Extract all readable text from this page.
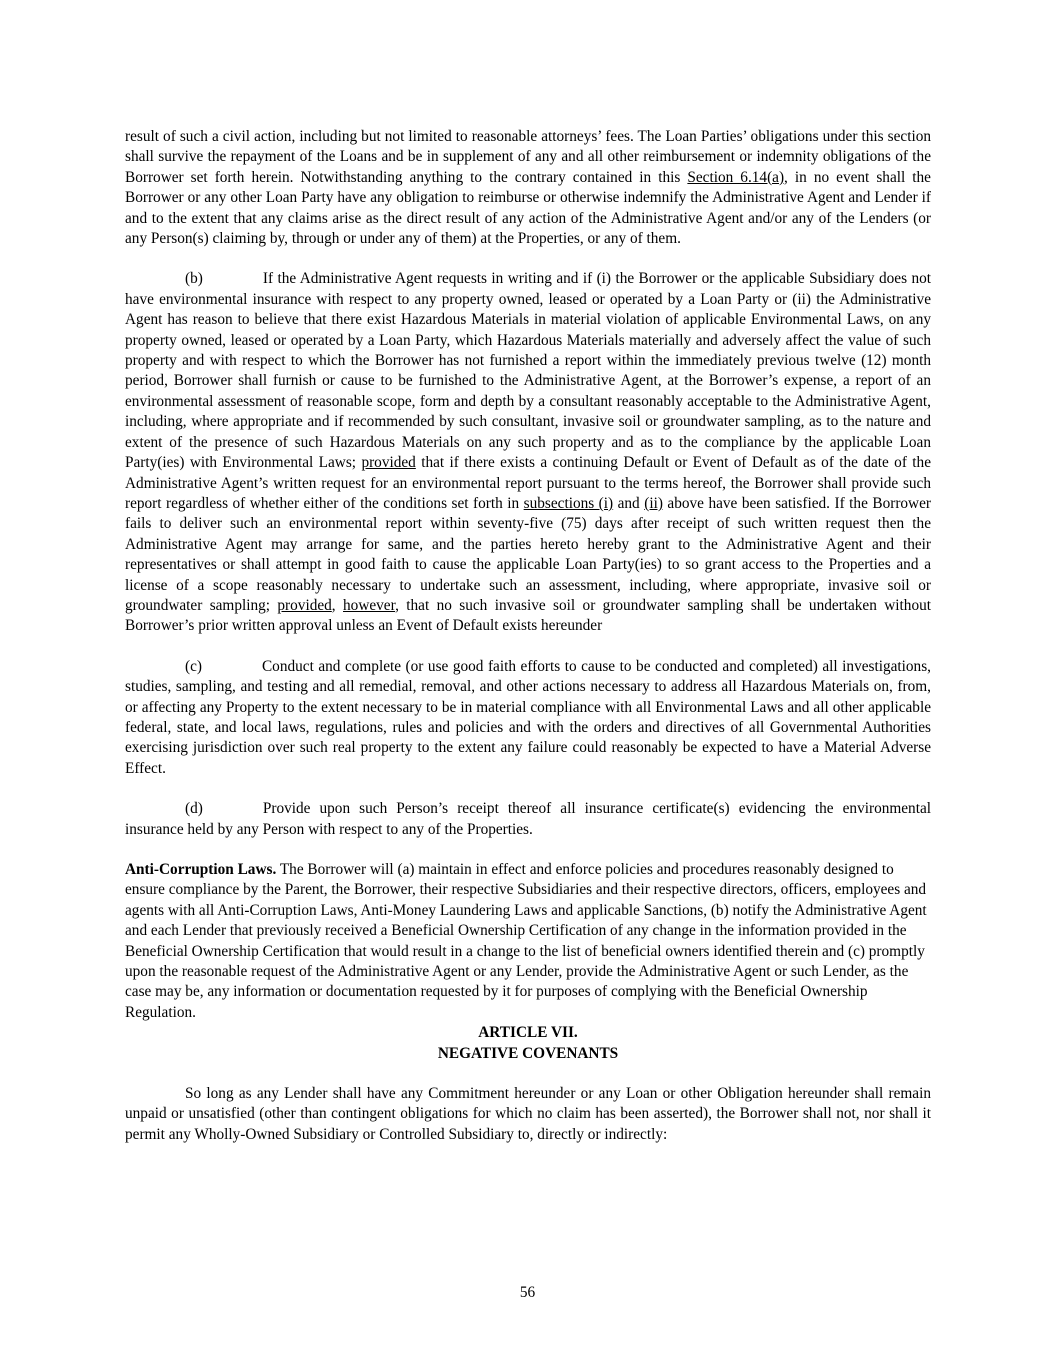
result of such a civil action, including but not limited to reasonable attorneys’ fees. The Loan Parties’ obligations under this section shall survive the repayment of the Loans and be in supplement of any and all other reimbursement or indemnity obligations of the Borrower set forth herein. Notwithstanding anything to the contrary contained in this Section 6.14(a), in no event shall the Borrower or any other Loan Party have any obligation to reimburse or otherwise indemnify the Administrative Agent and Lender if and to the extent that any claims arise as the direct result of any action of the Administrative Agent and/or any of the Lenders (or any Person(s) claiming by, through or under any of them) at the Properties, or any of them.

(b)	If the Administrative Agent requests in writing and if (i) the Borrower or the applicable Subsidiary does not have environmental insurance with respect to any property owned, leased or operated by a Loan Party or (ii) the Administrative Agent has reason to believe that there exist Hazardous Materials in material violation of applicable Environmental Laws, on any property owned, leased or operated by a Loan Party, which Hazardous Materials materially and adversely affect the value of such property and with respect to which the Borrower has not furnished a report within the immediately previous twelve (12) month period, Borrower shall furnish or cause to be furnished to the Administrative Agent, at the Borrower’s expense, a report of an environmental assessment of reasonable scope, form and depth by a consultant reasonably acceptable to the Administrative Agent, including, where appropriate and if recommended by such consultant, invasive soil or groundwater sampling, as to the nature and extent of the presence of such Hazardous Materials on any such property and as to the compliance by the applicable Loan Party(ies) with Environmental Laws; provided that if there exists a continuing Default or Event of Default as of the date of the Administrative Agent’s written request for an environmental report pursuant to the terms hereof, the Borrower shall provide such report regardless of whether either of the conditions set forth in subsections (i) and (ii) above have been satisfied. If the Borrower fails to deliver such an environmental report within seventy-five (75) days after receipt of such written request then the Administrative Agent may arrange for same, and the parties hereto hereby grant to the Administrative Agent and their representatives or shall attempt in good faith to cause the applicable Loan Party(ies) to so grant access to the Properties and a license of a scope reasonably necessary to undertake such an assessment, including, where appropriate, invasive soil or groundwater sampling; provided, however, that no such invasive soil or groundwater sampling shall be undertaken without Borrower’s prior written approval unless an Event of Default exists hereunder

(c)	Conduct and complete (or use good faith efforts to cause to be conducted and completed) all investigations, studies, sampling, and testing and all remedial, removal, and other actions necessary to address all Hazardous Materials on, from, or affecting any Property to the extent necessary to be in material compliance with all Environmental Laws and all other applicable federal, state, and local laws, regulations, rules and policies and with the orders and directives of all Governmental Authorities exercising jurisdiction over such real property to the extent any failure could reasonably be expected to have a Material Adverse Effect.

(d)	Provide upon such Person’s receipt thereof all insurance certificate(s) evidencing the environmental insurance held by any Person with respect to any of the Properties.

Anti-Corruption Laws. The Borrower will (a) maintain in effect and enforce policies and procedures reasonably designed to ensure compliance by the Parent, the Borrower, their respective Subsidiaries and their respective directors, officers, employees and agents with all Anti-Corruption Laws, Anti-Money Laundering Laws and applicable Sanctions, (b) notify the Administrative Agent and each Lender that previously received a Beneficial Ownership Certification of any change in the information provided in the Beneficial Ownership Certification that would result in a change to the list of beneficial owners identified therein and (c) promptly upon the reasonable request of the Administrative Agent or any Lender, provide the Administrative Agent or such Lender, as the case may be, any information or documentation requested by it for purposes of complying with the Beneficial Ownership Regulation.

ARTICLE VII.
NEGATIVE COVENANTS

So long as any Lender shall have any Commitment hereunder or any Loan or other Obligation hereunder shall remain unpaid or unsatisfied (other than contingent obligations for which no claim has been asserted), the Borrower shall not, nor shall it permit any Wholly-Owned Subsidiary or Controlled Subsidiary to, directly or indirectly:

56
